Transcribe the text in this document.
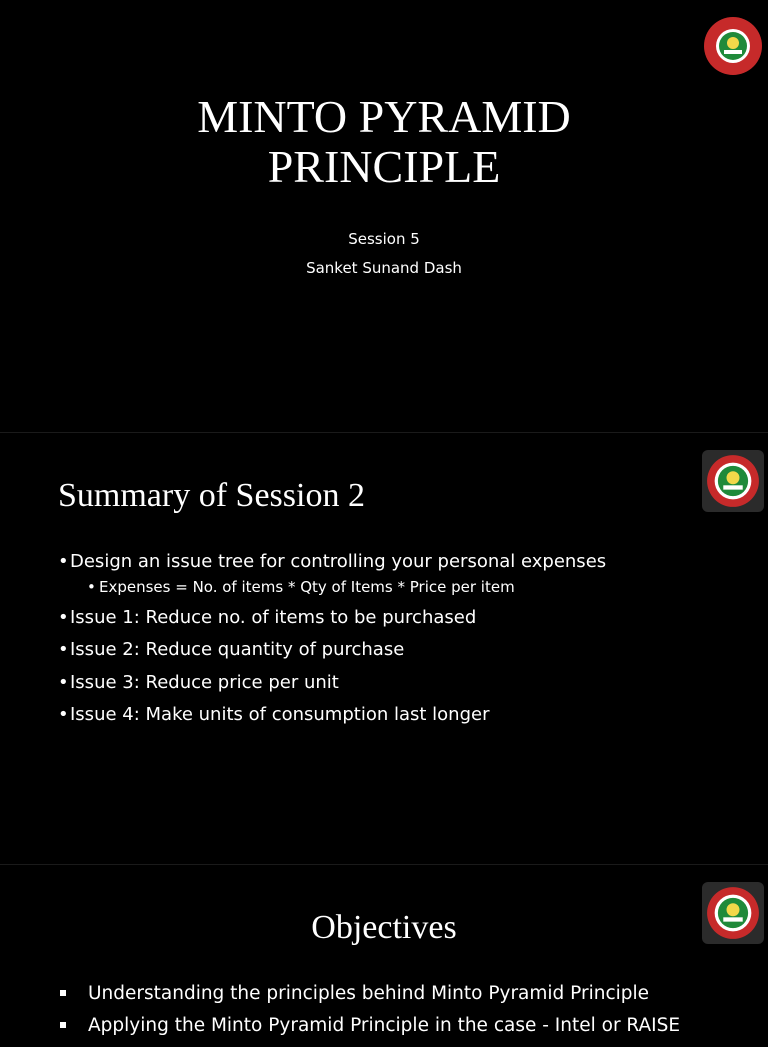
MINTO PYRAMID
PRINCIPLE
Session 5
Sanket Sunand Dash
Summary of Session 2
• Design an issue tree for controlling your personal expenses
• Expenses = No. of items * Qty of Items * Price per item
• Issue 1: Reduce no. of items to be purchased
• Issue 2: Reduce quantity of purchase
• Issue 3: Reduce price per unit
• Issue 4: Make units of consumption last longer
Objectives
Understanding the principles behind Minto Pyramid Principle
Applying the Minto Pyramid Principle in the case - Intel or RAISE
